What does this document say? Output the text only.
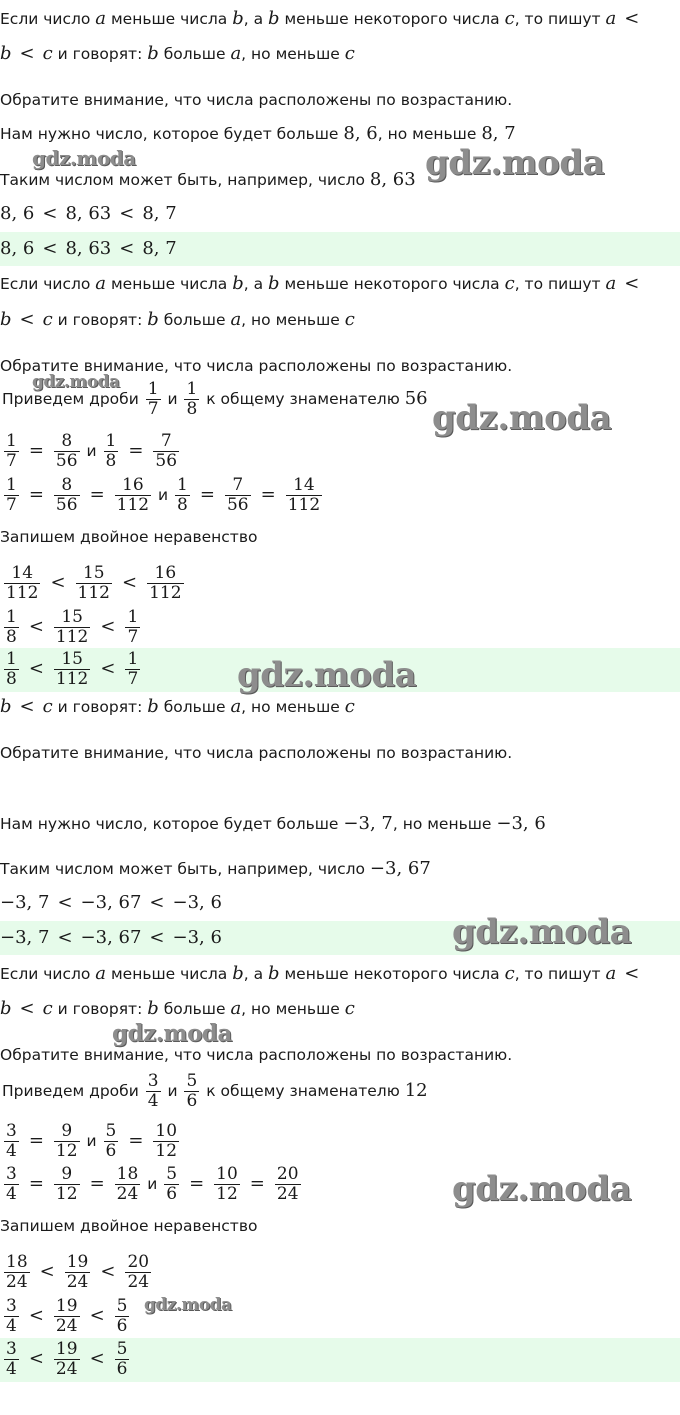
Если число a меньше числа b, а b меньше некоторого числа c, то пишут a <
b < c и говорят: b больше a, но меньше c
Обратите внимание, что числа расположены по возрастанию.
Нам нужно число, которое будет больше 8, 6, но меньше 8, 7
Таким числом может быть, например, число 8, 63
8, 6 < 8, 63 < 8, 7
8, 6 < 8, 63 < 8, 7
Если число a меньше числа b, а b меньше некоторого числа c, то пишут a <
b < c и говорят: b больше a, но меньше c
Обратите внимание, что числа расположены по возрастанию.
Приведем дроби $\frac{1}{7}$ и $\frac{1}{8}$ к общему знаменателю 56
$\frac{1}{7} = \frac{8}{56}$ и $\frac{1}{8} = \frac{7}{56}$
$\frac{1}{7} = \frac{8}{56} = \frac{16}{112}$ и $\frac{1}{8} = \frac{7}{56} = \frac{14}{112}$
Запишем двойное неравенство
$\frac{14}{112} < \frac{15}{112} < \frac{16}{112}$
$\frac{1}{8} < \frac{15}{112} < \frac{1}{7}$
$\frac{1}{8} < \frac{15}{112} < \frac{1}{7}$
b < c и говорят: b больше a, но меньше c
Обратите внимание, что числа расположены по возрастанию.
Нам нужно число, которое будет больше −3, 7, но меньше −3, 6
Таким числом может быть, например, число −3, 67
−3, 7 < −3, 67 < −3, 6
−3, 7 < −3, 67 < −3, 6
Если число a меньше числа b, а b меньше некоторого числа c, то пишут a <
b < c и говорят: b больше a, но меньше c
Обратите внимание, что числа расположены по возрастанию.
Приведем дроби $\frac{3}{4}$ и $\frac{5}{6}$ к общему знаменателю 12
$\frac{3}{4} = \frac{9}{12}$ и $\frac{5}{6} = \frac{10}{12}$
$\frac{3}{4} = \frac{9}{12} = \frac{18}{24}$ и $\frac{5}{6} = \frac{10}{12} = \frac{20}{24}$
Запишем двойное неравенство
$\frac{18}{24} < \frac{19}{24} < \frac{20}{24}$
$\frac{3}{4} < \frac{19}{24} < \frac{5}{6}$
$\frac{3}{4} < \frac{19}{24} < \frac{5}{6}$
gdz.moda	gdz.moda
gdz.moda
gdz.moda
gdz.moda
gdz.moda
gdz.moda
gdz.moda
gdz.moda
